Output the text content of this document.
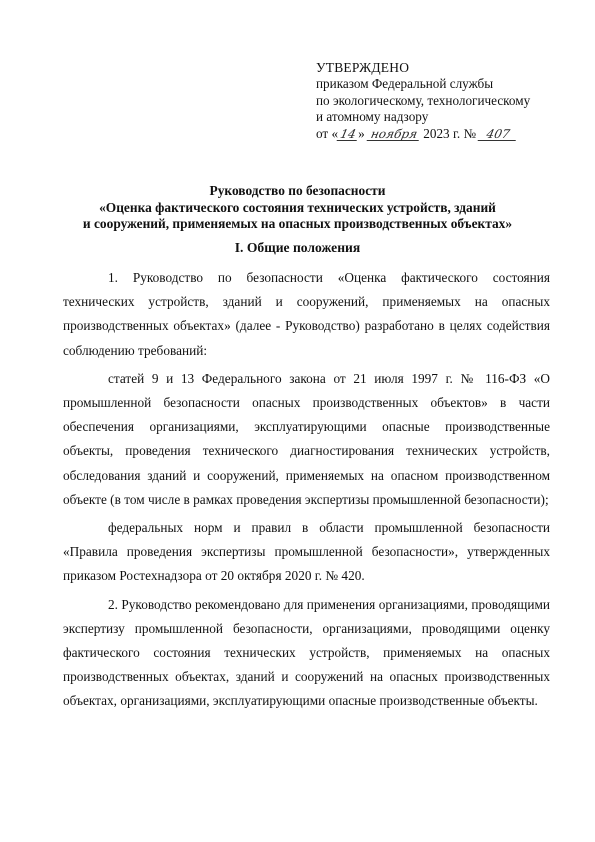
УТВЕРЖДЕНО
приказом Федеральной службы
по экологическому, технологическому
и атомному надзору
от «14» ноября 2023 г. № 407
Руководство по безопасности
«Оценка фактического состояния технических устройств, зданий
и сооружений, применяемых на опасных производственных объектах»
I. Общие положения

1. Руководство по безопасности «Оценка фактического состояния технических устройств, зданий и сооружений, применяемых на опасных производственных объектах» (далее - Руководство) разработано в целях содействия соблюдению требований:

статей 9 и 13 Федерального закона от 21 июля 1997 г. № 116-ФЗ «О промышленной безопасности опасных производственных объектов» в части обеспечения организациями, эксплуатирующими опасные производственные объекты, проведения технического диагностирования технических устройств, обследования зданий и сооружений, применяемых на опасном производственном объекте (в том числе в рамках проведения экспертизы промышленной безопасности);

федеральных норм и правил в области промышленной безопасности «Правила проведения экспертизы промышленной безопасности», утвержденных приказом Ростехнадзора от 20 октября 2020 г. № 420.

2. Руководство рекомендовано для применения организациями, проводящими экспертизу промышленной безопасности, организациями, проводящими оценку фактического состояния технических устройств, применяемых на опасных производственных объектах, зданий и сооружений на опасных производственных объектах, организациями, эксплуатирующими опасные производственные объекты.
